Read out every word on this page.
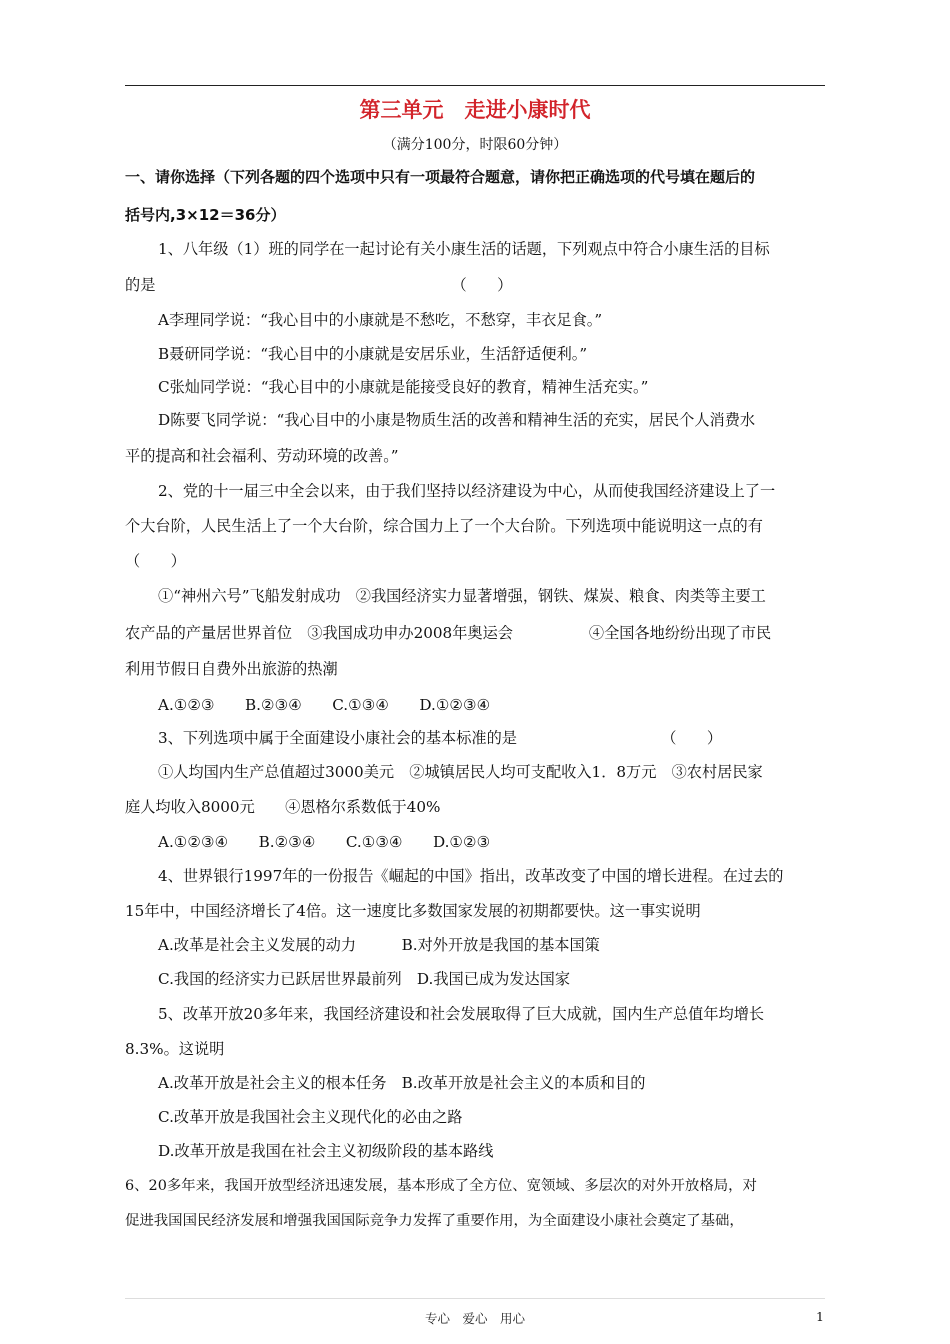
第三单元　走进小康时代
（满分100分，时限60分钟）
一、请你选择（下列各题的四个选项中只有一项最符合题意，请你把正确选项的代号填在题后的
括号内,3×12＝36分）
1、八年级（1）班的同学在一起讨论有关小康生活的话题，下列观点中符合小康生活的目标
的是　　　　　　　　　　　　　　　　　　　　（　　）
A李理同学说：“我心目中的小康就是不愁吃，不愁穿，丰衣足食。”
B聂研同学说：“我心目中的小康就是安居乐业，生活舒适便利。”
C张灿同学说：“我心目中的小康就是能接受良好的教育，精神生活充实。”
D陈要飞同学说：“我心目中的小康是物质生活的改善和精神生活的充实，居民个人消费水
平的提高和社会福利、劳动环境的改善。”
2、党的十一届三中全会以来，由于我们坚持以经济建设为中心，从而使我国经济建设上了一
个大台阶，人民生活上了一个大台阶，综合国力上了一个大台阶。下列选项中能说明这一点的有
（　　）
①“神州六号”飞船发射成功　②我国经济实力显著增强，钢铁、煤炭、粮食、肉类等主要工
农产品的产量居世界首位　③我国成功申办2008年奥运会　　　　　④全国各地纷纷出现了市民
利用节假日自费外出旅游的热潮
A.①②③　　B.②③④　　C.①③④　　D.①②③④
3、下列选项中属于全面建设小康社会的基本标准的是　　　　　　　　　　（　　）
①人均国内生产总值超过3000美元　②城镇居民人均可支配收入1．8万元　③农村居民家
庭人均收入8000元　　④恩格尔系数低于40%
A.①②③④　　B.②③④　　C.①③④　　D.①②③
4、世界银行1997年的一份报告《崛起的中国》指出，改革改变了中国的增长进程。在过去的
15年中，中国经济增长了4倍。这一速度比多数国家发展的初期都要快。这一事实说明
A.改革是社会主义发展的动力　　　B.对外开放是我国的基本国策
C.我国的经济实力已跃居世界最前列　D.我国已成为发达国家
5、改革开放20多年来，我国经济建设和社会发展取得了巨大成就，国内生产总值年均增长
8.3%。这说明
A.改革开放是社会主义的根本任务　B.改革开放是社会主义的本质和目的
C.改革开放是我国社会主义现代化的必由之路
D.改革开放是我国在社会主义初级阶段的基本路线
6、20多年来，我国开放型经济迅速发展，基本形成了全方位、宽领域、多层次的对外开放格局，对
促进我国国民经济发展和增强我国国际竞争力发挥了重要作用，为全面建设小康社会奠定了基础，
专心　爱心　用心	1
